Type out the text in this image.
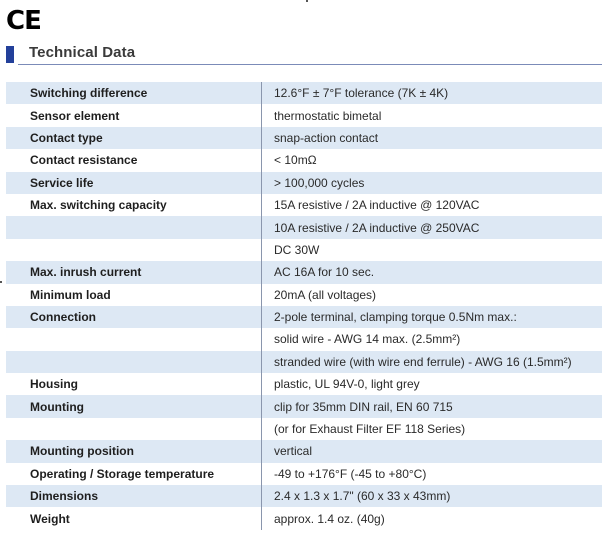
CE
Technical Data
Switching difference	12.6°F ± 7°F tolerance (7K ± 4K)
Sensor element	thermostatic bimetal
Contact type	snap-action contact
Contact resistance	< 10mΩ
Service life	> 100,000 cycles
Max. switching capacity	15A resistive / 2A inductive @ 120VAC
10A resistive / 2A inductive @ 250VAC
DC 30W
Max. inrush current	AC 16A for 10 sec.
Minimum load	20mA (all voltages)
Connection	2-pole terminal, clamping torque 0.5Nm max.:
solid wire - AWG 14 max. (2.5mm²)
stranded wire (with wire end ferrule) - AWG 16 (1.5mm²)
Housing	plastic, UL 94V-0, light grey
Mounting	clip for 35mm DIN rail, EN 60 715
(or for Exhaust Filter EF 118 Series)
Mounting position	vertical
Operating / Storage temperature	-49 to +176°F (-45 to +80°C)
Dimensions	2.4 x 1.3 x 1.7" (60 x 33 x 43mm)
Weight	approx. 1.4 oz. (40g)
